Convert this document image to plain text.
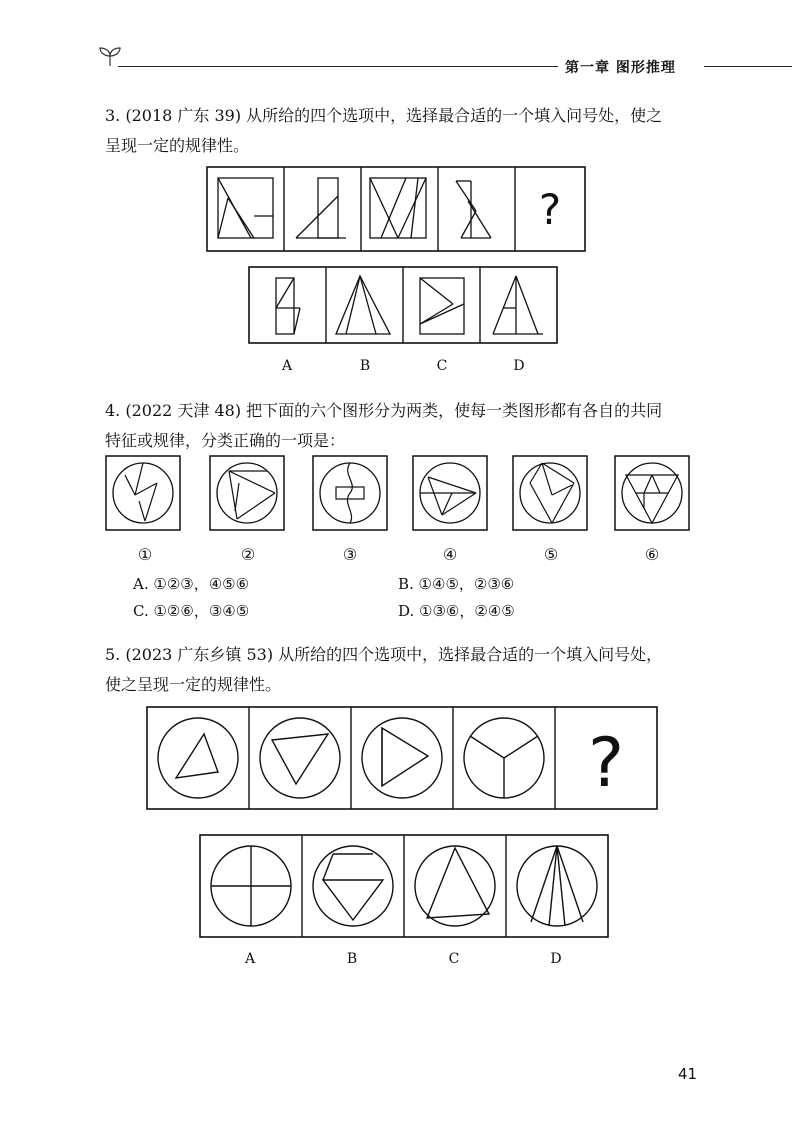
第一章 图形推理

3. (2018 广东 39) 从所给的四个选项中，选择最合适的一个填入问号处，使之

呈现一定的规律性。

?
A	B	C	D

4. (2022 天津 48) 把下面的六个图形分为两类，使每一类图形都有各自的共同

特征或规律，分类正确的一项是：

①	②	③	④	⑤	⑥
A. ①②③，④⑤⑥	B. ①④⑤，②③⑥
C. ①②⑥，③④⑤	D. ①③⑥，②④⑤

5. (2023 广东乡镇 53) 从所给的四个选项中，选择最合适的一个填入问号处，

使之呈现一定的规律性。

?
A	B	C	D
41
